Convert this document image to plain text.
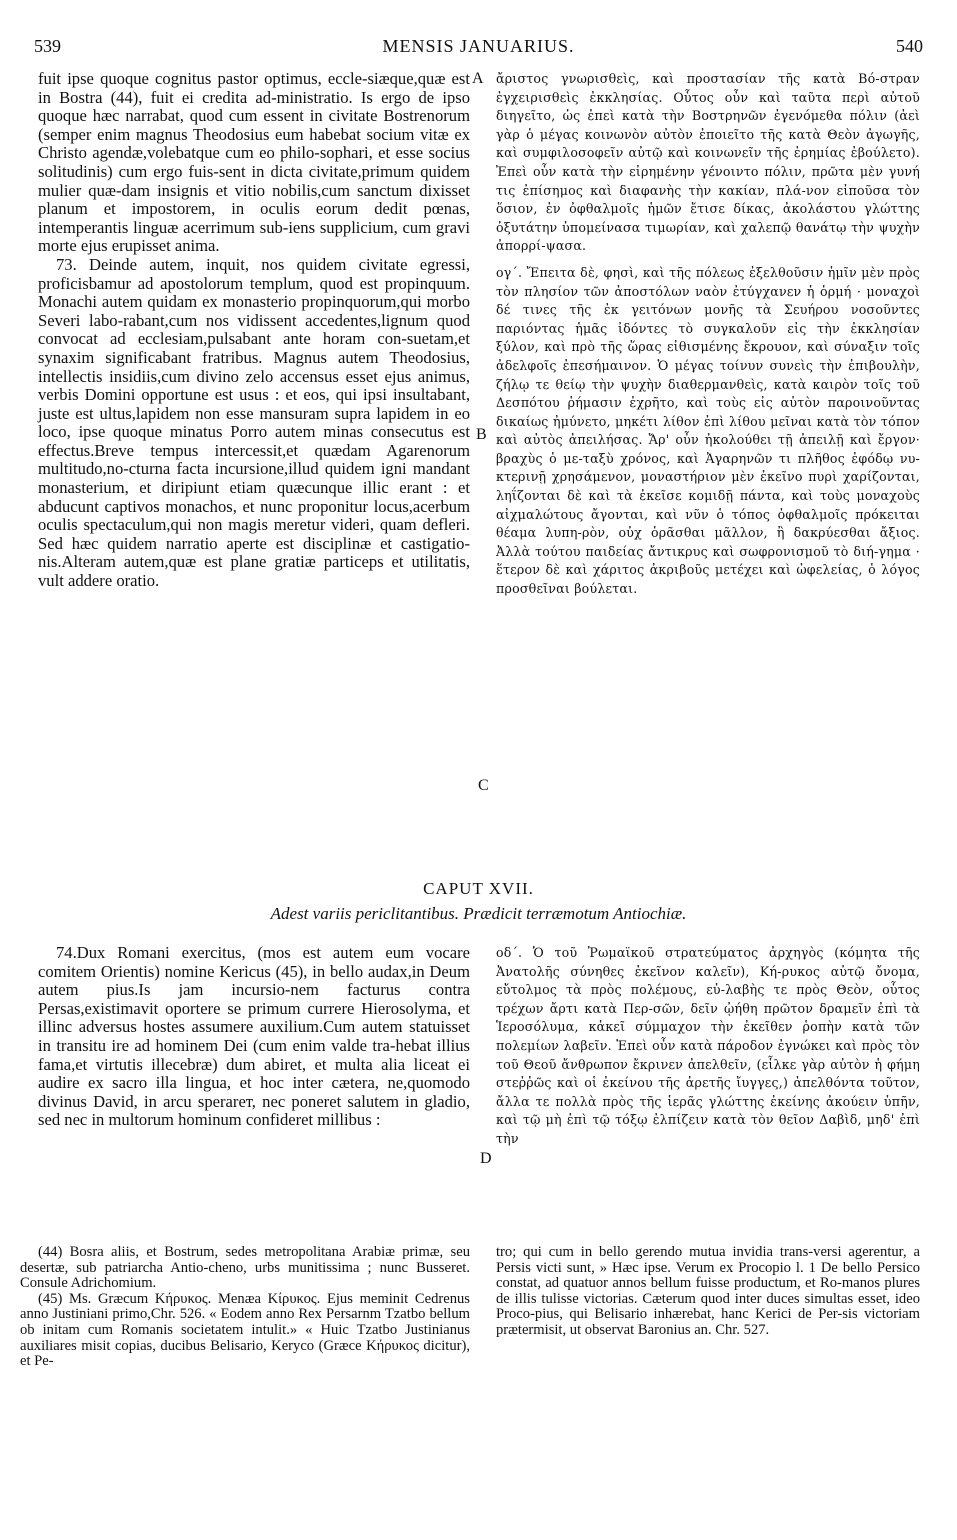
539	MENSIS JANUARIUS.	540

fuit ipse quoque cognitus pastor optimus, eccle-siæque,quæ est in Bostra (44), fuit ei credita ad-ministratio. Is ergo de ipso quoque hæc narrabat, quod cum essent in civitate Bostrenorum (semper enim magnus Theodosius eum habebat socium vitæ ex Christo agendæ,volebatque cum eo philo-sophari, et esse socius solitudinis) cum ergo fuis-sent in dicta civitate,primum quidem mulier quæ-dam insignis et vitio nobilis,cum sanctum dixisset planum et impostorem, in oculis eorum dedit pœnas, intemperantis linguæ acerrimum sub-iens supplicium, cum gravi morte ejus erupisset anima.

73. Deinde autem, inquit, nos quidem civitate egressi, proficisbamur ad apostolorum templum, quod est propinquum. Monachi autem quidam ex monasterio propinquorum,qui morbo Severi labo-rabant,cum nos vidissent accedentes,lignum quod convocat ad ecclesiam,pulsabant ante horam con-suetam,et synaxim significabant fratribus. Magnus autem Theodosius, intellectis insidiis,cum divino zelo accensus esset ejus animus, verbis Domini opportune est usus : et eos, qui ipsi insultabant, juste est ultus,lapidem non esse mansuram supra lapidem in eo loco, ipse quoque minatus Porro autem minas consecutus est effectus.Breve tempus intercessit,et quædam Agarenorum multitudo,no-cturna facta incursione,illud quidem igni mandant monasterium, et diripiunt etiam quæcunque illic erant : et abducunt captivos monachos, et nunc proponitur locus,acerbum oculis spectaculum,qui non magis meretur videri, quam defleri. Sed hæc quidem narratio aperte est disciplinæ et castigatio-nis.Alteram autem,quæ est plane gratiæ particeps et utilitatis, vult addere oratio.

ἄριστος γνωρισθεὶς, καὶ προστασίαν τῆς κατὰ Βό-στραν ἐγχειρισθεὶς ἐκκλησίας. Οὗτος οὖν καὶ ταῦτα περὶ αὐτοῦ διηγεῖτο, ὡς ἐπεὶ κατὰ τὴν Βοστρηνῶν ἐγενόμεθα πόλιν (ἀεὶ γὰρ ὁ μέγας κοινωνὸν αὐτὸν ἐποιεῖτο τῆς κατὰ Θεὸν ἀγωγῆς, καὶ συμφιλοσοφεῖν αὐτῷ καὶ κοινωνεῖν τῆς ἐρημίας ἐβούλετο). Ἐπεὶ οὖν κατὰ τὴν εἰρημένην γένοιντο πόλιν, πρῶτα μὲν γυνή τις ἐπίσημος καὶ διαφανὴς τὴν κακίαν, πλά-νον εἰποῦσα τὸν ὅσιον, ἐν ὀφθαλμοῖς ἡμῶν ἔτισε δίκας, ἀκολάστου γλώττης ὀξυτάτην ὑπομείνασα τιμωρίαν, καὶ χαλεπῷ θανάτῳ τὴν ψυχὴν ἀπορρί-ψασα.

ογ΄. Ἔπειτα δὲ, φησὶ, καὶ τῆς πόλεως ἐξελθοῦσιν ἡμῖν μὲν πρὸς τὸν πλησίον τῶν ἀποστόλων ναὸν ἐτύγχανεν ἡ ὁρμή · μοναχοὶ δέ τινες τῆς ἐκ γειτόνων μονῆς τὰ Σευήρου νοσοῦντες παριόντας ἡμᾶς ἰδόντες τὸ συγκαλοῦν εἰς τὴν ἐκκλησίαν ξύλον, καὶ πρὸ τῆς ὥρας εἰθισμένης ἔκρουον, καὶ σύναξιν τοῖς ἀδελφοῖς ἐπεσήμαινον. Ὁ μέγας τοίνυν συνεὶς τὴν ἐπιβουλὴν, ζήλῳ τε θείῳ τὴν ψυχὴν διαθερμανθεὶς, κατὰ καιρὸν τοῖς τοῦ Δεσπότου ῥήμασιν ἐχρῆτο, καὶ τοὺς εἰς αὐτὸν παροινοῦντας δικαίως ἠμύνετο, μηκέτι λίθον ἐπὶ λίθου μεῖναι κατὰ τὸν τόπον καὶ αὐτὸς ἀπειλήσας. Ἄρ' οὖν ἠκολούθει τῇ ἀπειλῇ καὶ ἔργον· βραχὺς ὁ με-ταξὺ χρόνος, καὶ Ἀγαρηνῶν τι πλῆθος ἐφόδῳ νυ-κτερινῇ χρησάμενον, μοναστήριον μὲν ἐκεῖνο πυρὶ χαρίζονται, ληΐζονται δὲ καὶ τὰ ἐκεῖσε κομιδῇ πάντα, καὶ τοὺς μοναχοὺς αἰχμαλώτους ἄγονται, καὶ νῦν ὁ τόπος ὀφθαλμοῖς πρόκειται θέαμα λυπη-ρὸν, οὐχ ὁρᾶσθαι μᾶλλον, ἢ δακρύεσθαι ἄξιος. Ἀλλὰ τούτου παιδείας ἄντικρυς καὶ σωφρονισμοῦ τὸ διή-γημα · ἕτερον δὲ καὶ χάριτος ἀκριβοῦς μετέχει καὶ ὠφελείας, ὁ λόγος προσθεῖναι βούλεται.

A
B
C
D
CAPUT XVII.
Adest variis periclitantibus. Prædicit terræmotum Antiochiæ.

74.Dux Romani exercitus, (mos est autem eum vocare comitem Orientis) nomine Kericus (45), in bello audax,in Deum autem pius.Is jam incursio-nem facturus contra Persas,existimavit oportere se primum currere Hierosolyma, et illinc adversus hostes assumere auxilium.Cum autem statuisset in transitu ire ad hominem Dei (cum enim valde tra-hebat illius fama,et virtutis illecebræ) dum abiret, et multa alia liceat ei audire ex sacro illa lingua, et hoc inter cætera, ne,quomodo divinus David, in arcu sperareт, nec poneret salutem in gladio, sed nec in multorum hominum confideret millibus :

οδ΄. Ὁ τοῦ Ῥωμαϊκοῦ στρατεύματος ἀρχηγὸς (κόμητα τῆς Ἀνατολῆς σύνηθες ἐκεῖνον καλεῖν), Κή-ρυκος αὐτῷ ὄνομα, εὔτολμος τὰ πρὸς πολέμους, εὐ-λαβὴς τε πρὸς Θεὸν, οὗτος τρέχων ἄρτι κατὰ Περ-σῶν, δεῖν ᾠήθη πρῶτον δραμεῖν ἐπὶ τὰ Ἱεροσόλυμα, κἀκεῖ σύμμαχον τὴν ἐκεῖθεν ῥοπὴν κατὰ τῶν πολεμίων λαβεῖν. Ἐπεὶ οὖν κατὰ πάροδον ἐγνώκει καὶ πρὸς τὸν τοῦ Θεοῦ ἄνθρωπον ἔκρινεν ἀπελθεῖν, (εἷλκε γὰρ αὐτὸν ἡ φήμη στεῤῥῶς καὶ οἱ ἐκείνου τῆς ἀρετῆς ἴυγγες,) ἀπελθόντα τοῦτον, ἄλλα τε πολλὰ πρὸς τῆς ἱερᾶς γλώττης ἐκείνης ἀκούειν ὑπῆν, καὶ τῷ μὴ ἐπὶ τῷ τόξῳ ἐλπίζειν κατὰ τὸν θεῖον Δαβὶδ, μηδ' ἐπὶ τὴν

(44) Bosra aliis, et Bostrum, sedes metropolitana Arabiæ primæ, seu desertæ, sub patriarcha Antio-cheno, urbs munitissima ; nunc Busseret. Consule Adrichomium.

(45) Ms. Græcum Κήρυκος. Menæa Κίρυκος. Ejus meminit Cedrenus anno Justiniani primo,Chr. 526. « Eodem anno Rex Persarnm Tzatbo bellum ob initam cum Romanis societatem intulit.» « Huic Tzatbo Justinianus auxiliares misit copias, ducibus Belisario, Keryco (Græce Κήρυκος dicitur), et Pe-

tro; qui cum in bello gerendo mutua invidia trans-versi agerentur, a Persis victi sunt, » Hæc ipse. Verum ex Procopio l. 1 De bello Persico constat, ad quatuor annos bellum fuisse productum, et Ro-manos plures de illis tulisse victorias. Cæterum quod inter duces simultas esset, ideo Proco-pius, qui Belisario inhærebat, hanc Kerici de Per-sis victoriam prætermisit, ut observat Baronius an. Chr. 527.
